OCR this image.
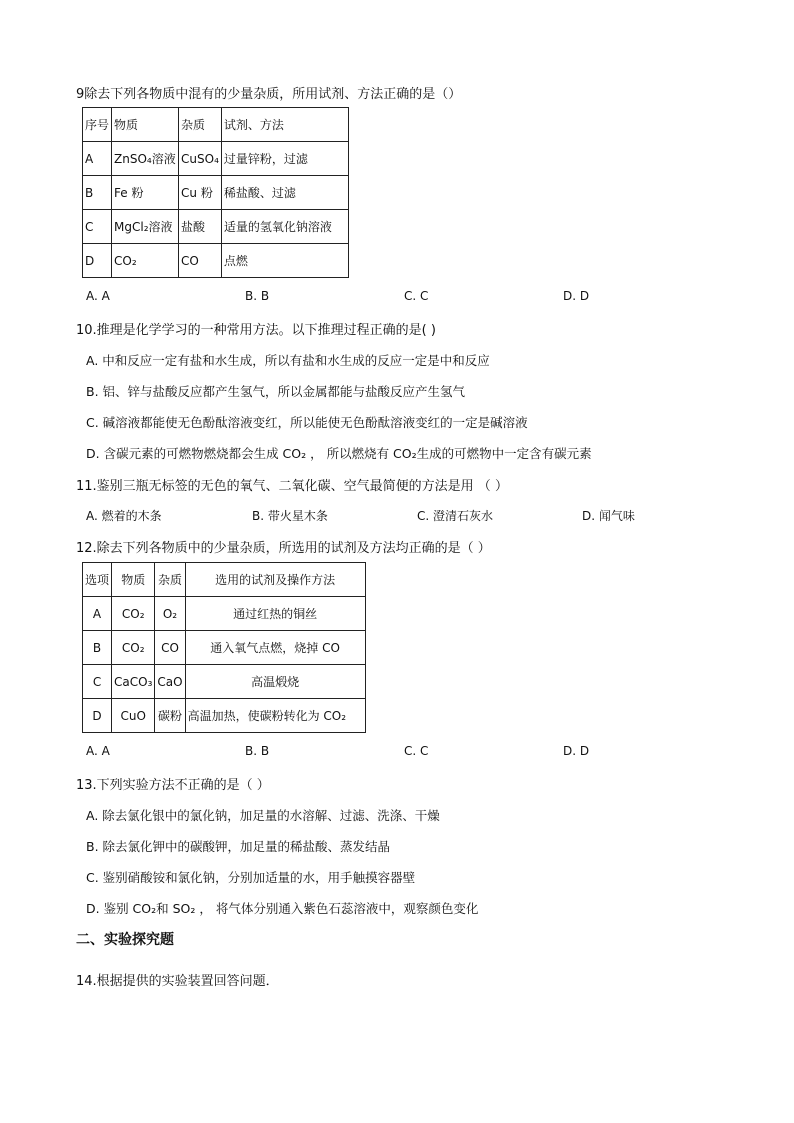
9除去下列各物质中混有的少量杂质，所用试剂、方法正确的是（）
序号	物质	杂质	试剂、方法
A	ZnSO₄溶液	CuSO₄	过量锌粉，过滤
B	Fe 粉	Cu 粉	稀盐酸、过滤
C	MgCl₂溶液	盐酸	适量的氢氧化钠溶液
D	CO₂	CO	点燃
A. A	B. B	C. C	D. D
10.推理是化学学习的一种常用方法。以下推理过程正确的是( )
A. 中和反应一定有盐和水生成，所以有盐和水生成的反应一定是中和反应
B. 铝、锌与盐酸反应都产生氢气，所以金属都能与盐酸反应产生氢气
C. 碱溶液都能使无色酚酞溶液变红，所以能使无色酚酞溶液变红的一定是碱溶液
D. 含碳元素的可燃物燃烧都会生成 CO₂ ， 所以燃烧有 CO₂生成的可燃物中一定含有碳元素
11.鉴别三瓶无标签的无色的氧气、二氧化碳、空气最简便的方法是用 （ ）
A. 燃着的木条	B. 带火星木条	C. 澄清石灰水	D. 闻气味
12.除去下列各物质中的少量杂质，所选用的试剂及方法均正确的是（ ）
选项	物质	杂质	选用的试剂及操作方法
A	CO₂	O₂	通过红热的铜丝
B	CO₂	CO	通入氧气点燃，烧掉 CO
C	CaCO₃	CaO	高温煅烧
D	CuO	碳粉	高温加热，使碳粉转化为 CO₂
A. A	B. B	C. C	D. D
13.下列实验方法不正确的是（ ）
A. 除去氯化银中的氯化钠，加足量的水溶解、过滤、洗涤、干燥
B. 除去氯化钾中的碳酸钾，加足量的稀盐酸、蒸发结晶
C. 鉴别硝酸铵和氯化钠，分别加适量的水，用手触摸容器壁
D. 鉴别 CO₂和 SO₂ ， 将气体分别通入紫色石蕊溶液中，观察颜色变化
二、实验探究题
14.根据提供的实验装置回答问题．
